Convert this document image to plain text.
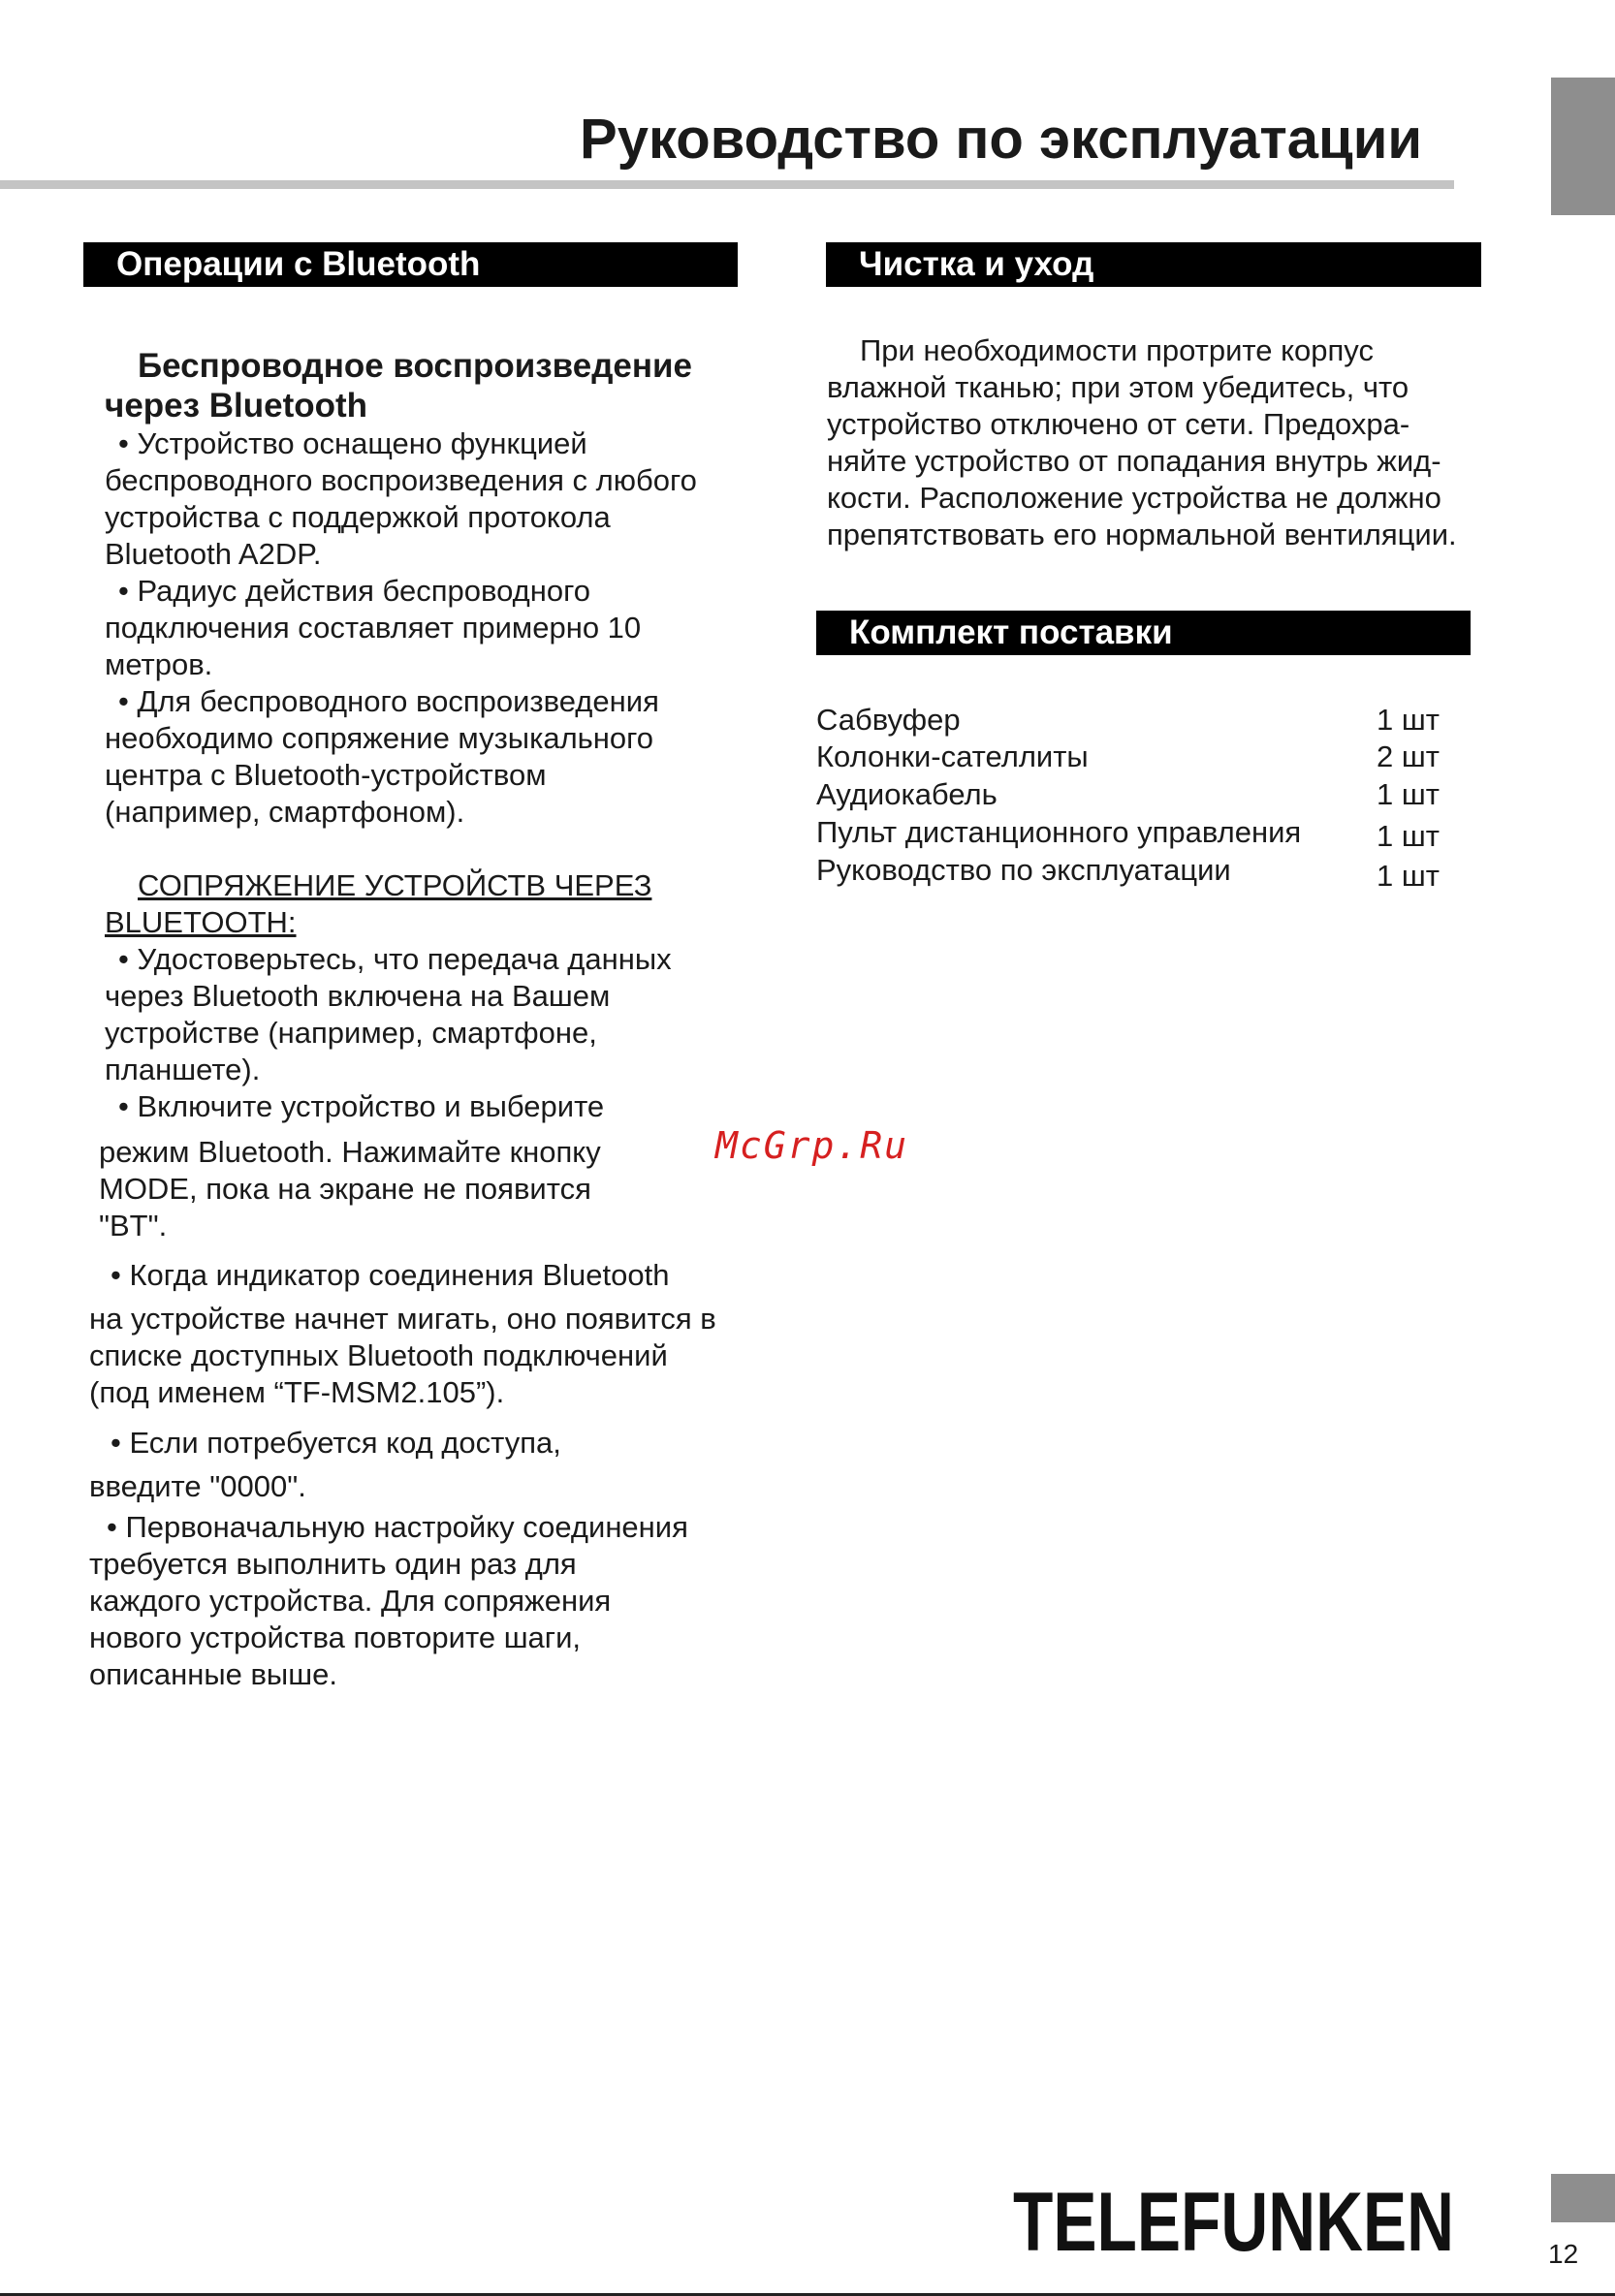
Руководство по эксплуатации
Операции с Bluetooth
Беспроводное воспроизведение
через Bluetooth
• Устройство оснащено функцией
беспроводного воспроизведения с любого
устройства с поддержкой протокола
Bluetooth A2DP.
• Радиус действия беспроводного
подключения составляет примерно 10
метров.
• Для беспроводного воспроизведения
необходимо сопряжение музыкального
центра с Bluetooth-устройством
(например, смартфоном).
СОПРЯЖЕНИЕ УСТРОЙСТВ ЧЕРЕЗ
BLUETOOTH:
• Удостоверьтесь, что передача данных
через Bluetooth включена на Вашем
устройстве (например, смартфоне,
планшете).
• Включите устройство и выберите
режим Bluetooth. Нажимайте кнопку
MODE, пока на экране не появится
"BT".
• Когда индикатор соединения Bluetooth
на устройстве начнет мигать, оно появится в
списке доступных Bluetooth подключений
(под именем “TF-MSM2.105”).
• Если потребуется код доступа,
введите "0000".
• Первоначальную настройку соединения
требуется выполнить один раз для
каждого устройства. Для сопряжения
нового устройства повторите шаги,
описанные выше.
Чистка и уход
При необходимости протрите корпус
влажной тканью; при этом убедитесь, что
устройство отключено от сети. Предохра-
няйте устройство от попадания внутрь жид-
кости. Расположение устройства не должно
препятствовать его нормальной вентиляции.
Комплект поставки
Сабвуфер	1 шт
Колонки-сателлиты	2 шт
Аудиокабель	1 шт
Пульт дистанционного управления	1 шт
Руководство по эксплуатации	1 шт
McGrp.Ru
TELEFUNKEN	12
